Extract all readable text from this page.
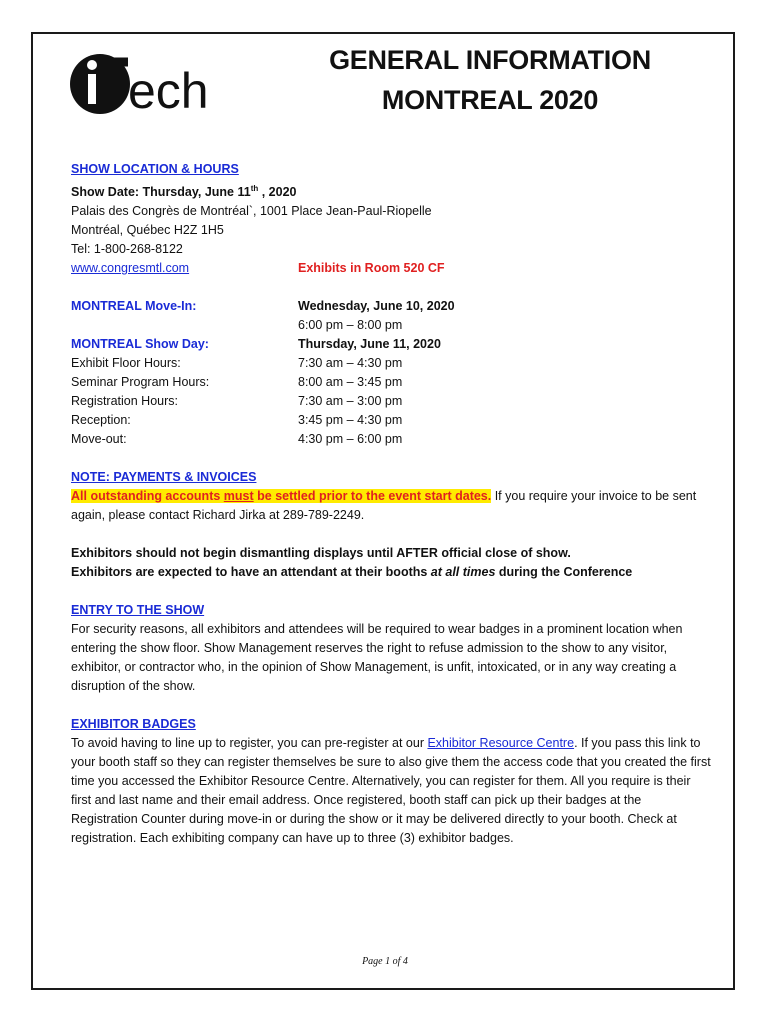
ech
GENERAL INFORMATION
MONTREAL 2020
SHOW LOCATION & HOURS
Show Date: Thursday, June 11th , 2020
Palais des Congrès de Montréal`, 1001 Place Jean-Paul-Riopelle
Montréal, Québec H2Z 1H5
Tel: 1-800-268-8122
www.congresmtl.com	Exhibits in Room 520 CF
MONTREAL Move-In:	Wednesday, June 10, 2020
6:00 pm – 8:00 pm
MONTREAL Show Day:	Thursday, June 11, 2020
Exhibit Floor Hours:	7:30 am – 4:30 pm
Seminar Program Hours:	8:00 am – 3:45 pm
Registration Hours:	7:30 am – 3:00 pm
Reception:	3:45 pm – 4:30 pm
Move-out:	4:30 pm – 6:00 pm
NOTE: PAYMENTS & INVOICES

All outstanding accounts must be settled prior to the event start dates. If you require your invoice to be sent again, please contact Richard Jirka at 289-789-2249.

Exhibitors should not begin dismantling displays until AFTER official close of show.
Exhibitors are expected to have an attendant at their booths at all times during the Conference
ENTRY TO THE SHOW

For security reasons, all exhibitors and attendees will be required to wear badges in a prominent location when entering the show floor. Show Management reserves the right to refuse admission to the show to any visitor, exhibitor, or contractor who, in the opinion of Show Management, is unfit, intoxicated, or in any way creating a disruption of the show.

EXHIBITOR BADGES

To avoid having to line up to register, you can pre-register at our Exhibitor Resource Centre. If you pass this link to your booth staff so they can register themselves be sure to also give them the access code that you created the first time you accessed the Exhibitor Resource Centre. Alternatively, you can register for them. All you require is their first and last name and their email address. Once registered, booth staff can pick up their badges at the Registration Counter during move-in or during the show or it may be delivered directly to your booth. Check at registration. Each exhibiting company can have up to three (3) exhibitor badges.

Page 1 of 4
